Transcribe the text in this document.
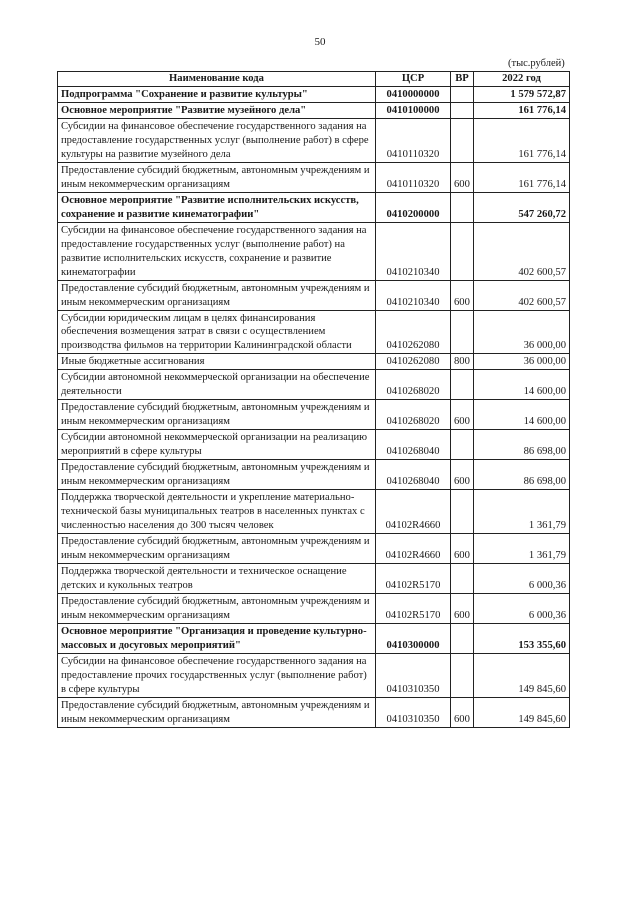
50
(тыс.рублей)
Наименование кода	ЦСР	ВР	2022 год
Подпрограмма "Сохранение и развитие культуры"	0410000000		1 579 572,87
Основное мероприятие "Развитие музейного дела"	0410100000		161 776,14
Субсидии на финансовое обеспечение государственного задания на предоставление государственных услуг (выполнение работ) в сфере культуры на развитие музейного дела	0410110320		161 776,14
Предоставление субсидий бюджетным, автономным учреждениям и иным некоммерческим организациям	0410110320	600	161 776,14
Основное мероприятие "Развитие исполнительских искусств, сохранение и развитие кинематографии"	0410200000		547 260,72
Субсидии на финансовое обеспечение государственного задания на предоставление государственных услуг (выполнение работ) на развитие исполнительских искусств, сохранение и развитие кинематографии	0410210340		402 600,57
Предоставление субсидий бюджетным, автономным учреждениям и иным некоммерческим организациям	0410210340	600	402 600,57
Субсидии юридическим лицам в целях финансирования обеспечения возмещения затрат в связи с осуществлением производства фильмов на территории Калининградской области	0410262080		36 000,00
Иные бюджетные ассигнования	0410262080	800	36 000,00
Субсидии автономной некоммерческой организации на обеспечение деятельности	0410268020		14 600,00
Предоставление субсидий бюджетным, автономным учреждениям и иным некоммерческим организациям	0410268020	600	14 600,00
Субсидии автономной некоммерческой организации на реализацию мероприятий в сфере культуры	0410268040		86 698,00
Предоставление субсидий бюджетным, автономным учреждениям и иным некоммерческим организациям	0410268040	600	86 698,00
Поддержка творческой деятельности и укрепление материально-технической базы муниципальных театров в населенных пунктах с численностью населения до 300 тысяч человек	04102R4660		1 361,79
Предоставление субсидий бюджетным, автономным учреждениям и иным некоммерческим организациям	04102R4660	600	1 361,79
Поддержка творческой деятельности и техническое оснащение детских и кукольных театров	04102R5170		6 000,36
Предоставление субсидий бюджетным, автономным учреждениям и иным некоммерческим организациям	04102R5170	600	6 000,36
Основное мероприятие "Организация и проведение культурно-массовых и досуговых мероприятий"	0410300000		153 355,60
Субсидии на финансовое обеспечение государственного задания на предоставление прочих государственных услуг (выполнение работ) в сфере культуры	0410310350		149 845,60
Предоставление субсидий бюджетным, автономным учреждениям и иным некоммерческим организациям	0410310350	600	149 845,60
